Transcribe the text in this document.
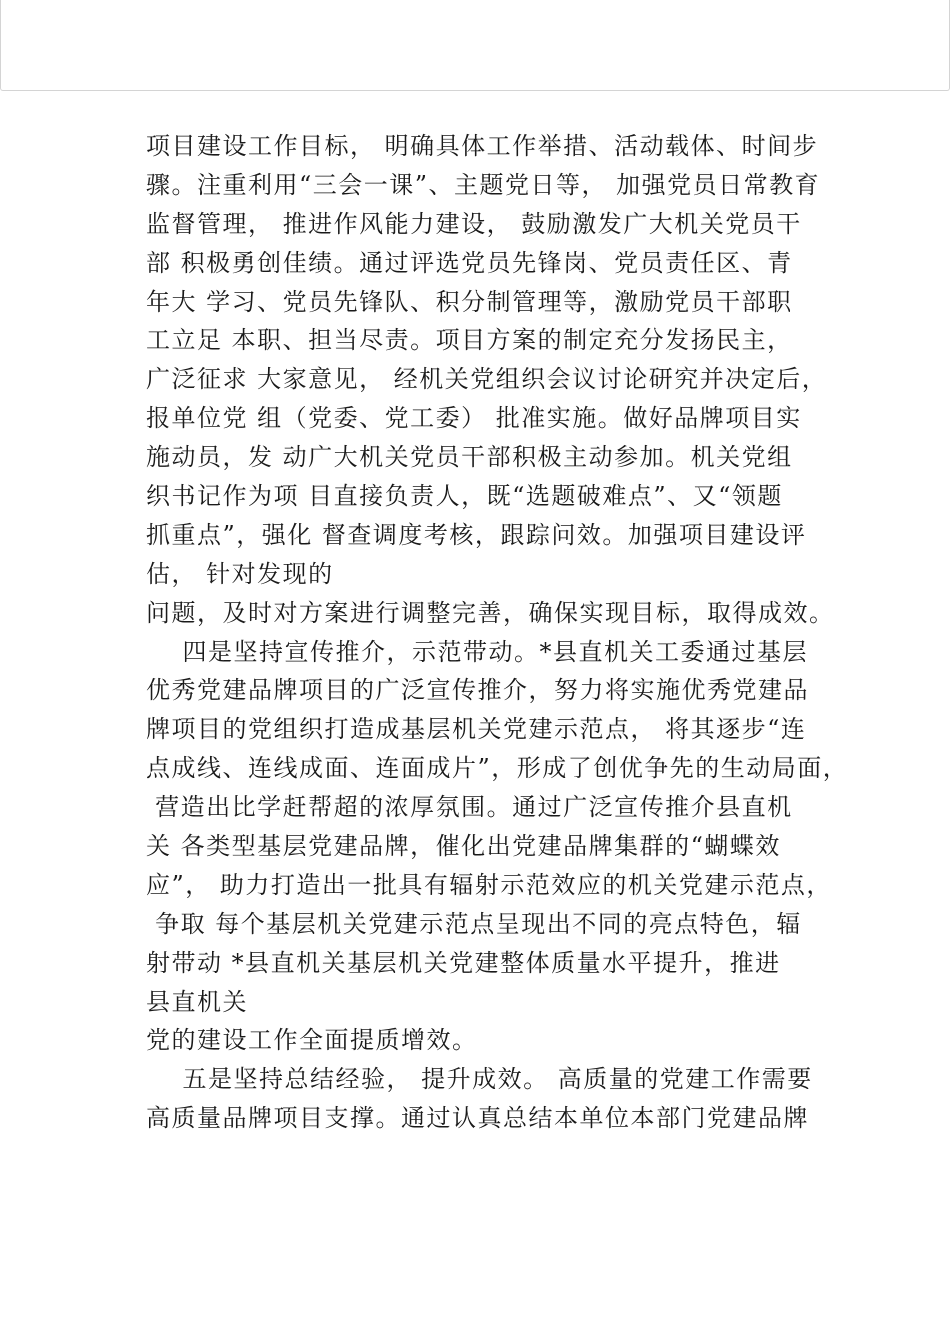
项目建设工作目标， 明确具体工作举措、活动载体、时间步
骤。注重利用“三会一课”、主题党日等， 加强党员日常教育
监督管理， 推进作风能力建设， 鼓励激发广大机关党员干
部 积极勇创佳绩。通过评选党员先锋岗、党员责任区、青
年大 学习、党员先锋队、积分制管理等，激励党员干部职
工立足 本职、担当尽责。项目方案的制定充分发扬民主，
广泛征求 大家意见， 经机关党组织会议讨论研究并决定后，
报单位党 组（党委、党工委） 批准实施。做好品牌项目实
施动员，发 动广大机关党员干部积极主动参加。机关党组
织书记作为项 目直接负责人，既“选题破难点”、又“领题
抓重点”，强化 督查调度考核，跟踪问效。加强项目建设评
估， 针对发现的
问题，及时对方案进行调整完善，确保实现目标，取得成效。
四是坚持宣传推介，示范带动。*县直机关工委通过基层
优秀党建品牌项目的广泛宣传推介，努力将实施优秀党建品
牌项目的党组织打造成基层机关党建示范点， 将其逐步“连
点成线、连线成面、连面成片”，形成了创优争先的生动局面，
营造出比学赶帮超的浓厚氛围。通过广泛宣传推介县直机
关 各类型基层党建品牌，催化出党建品牌集群的“蝴蝶效
应”， 助力打造出一批具有辐射示范效应的机关党建示范点，
争取 每个基层机关党建示范点呈现出不同的亮点特色，辐
射带动 *县直机关基层机关党建整体质量水平提升，推进
县直机关
党的建设工作全面提质增效。
五是坚持总结经验， 提升成效。 高质量的党建工作需要
高质量品牌项目支撑。通过认真总结本单位本部门党建品牌
